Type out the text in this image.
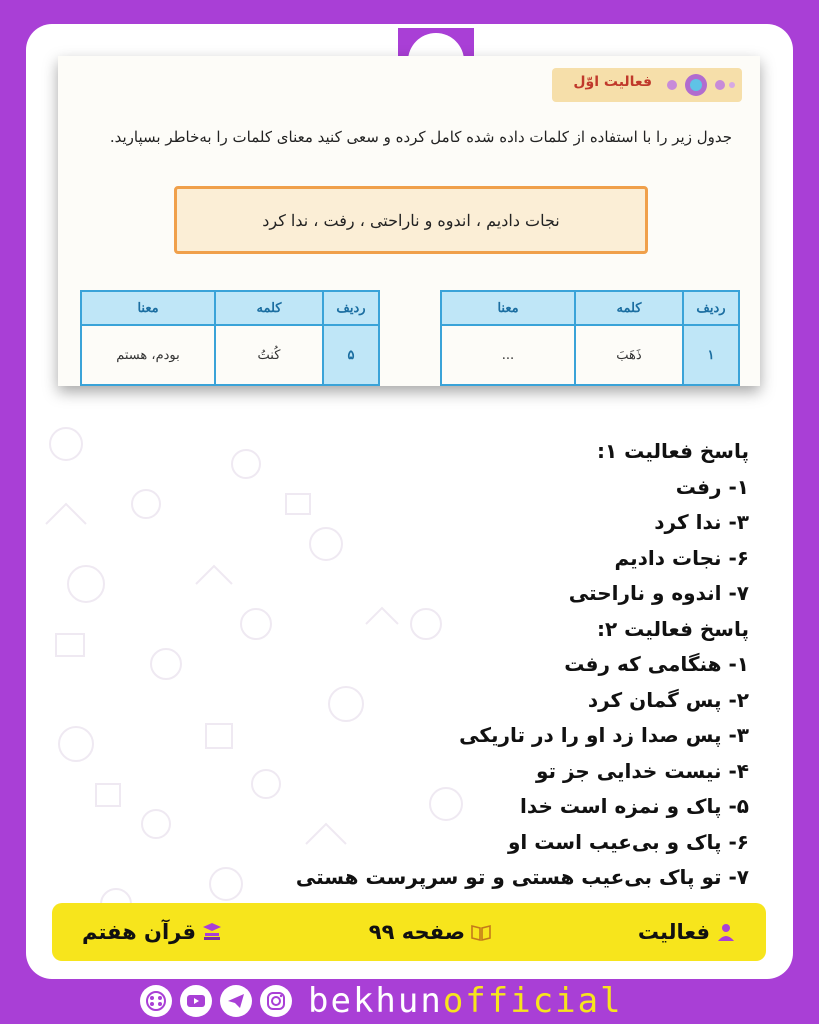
پاسخ فعالیت ۱:
۱- رفت
۳- ندا کرد
۶- نجات دادیم
۷- اندوه و ناراحتی
پاسخ فعالیت ۲:
۱- هنگامی که رفت
۲- پس گمان کرد
۳- پس صدا زد او را در تاریکی
۴- نیست خدایی جز تو
۵- پاک و نمزه است خدا
۶- پاک و بی‌عیب است او
۷- تو پاک بی‌عیب هستی و تو سرپرست هستی
فعالیت اوّل
جدول زیر را با استفاده از کلمات داده شده کامل کرده و سعی کنید معنای کلمات را به‌خاطر بسپارید.
نجات دادیم ، اندوه و ناراحتی ، رفت ، ندا کرد
ردیف	کلمه	معنا
۱	ذَهَبَ	...
ردیف	کلمه	معنا
۵	کُنتُ	بودم، هستم
فعالیت
صفحه ۹۹
قرآن هفتم
bekhunofficial
